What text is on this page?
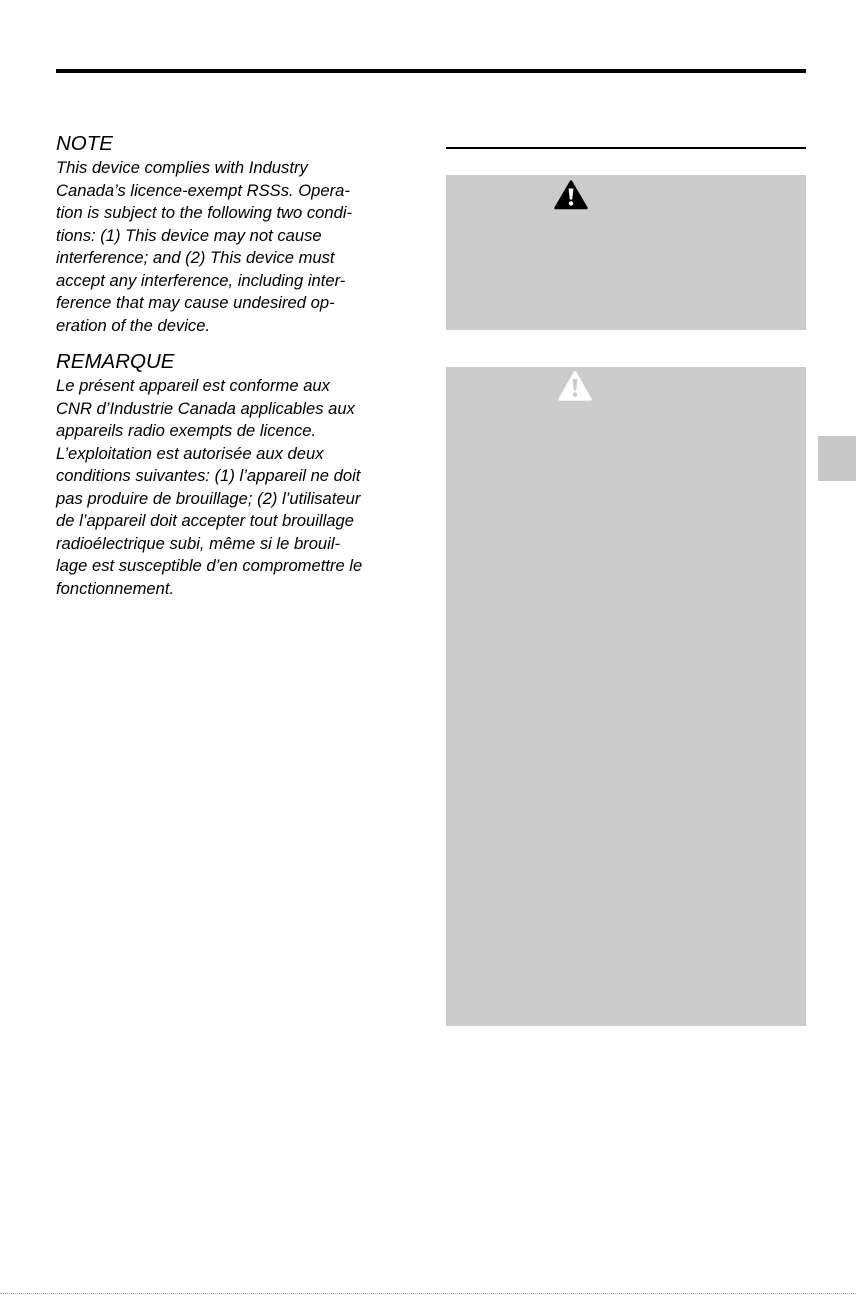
NOTE

This device complies with Industry
Canada’s licence-exempt RSSs. Opera-
tion is subject to the following two condi-
tions: (1) This device may not cause
interference; and (2) This device must
accept any interference, including inter-
ference that may cause undesired op-
eration of the device.

REMARQUE

Le présent appareil est conforme aux
CNR d’Industrie Canada applicables aux
appareils radio exempts de licence.
L’exploitation est autorisée aux deux
conditions suivantes: (1) l’appareil ne doit
pas produire de brouillage; (2) l’utilisateur
de l’appareil doit accepter tout brouillage
radioélectrique subi, même si le brouil-
lage est susceptible d’en compromettre le
fonctionnement.
